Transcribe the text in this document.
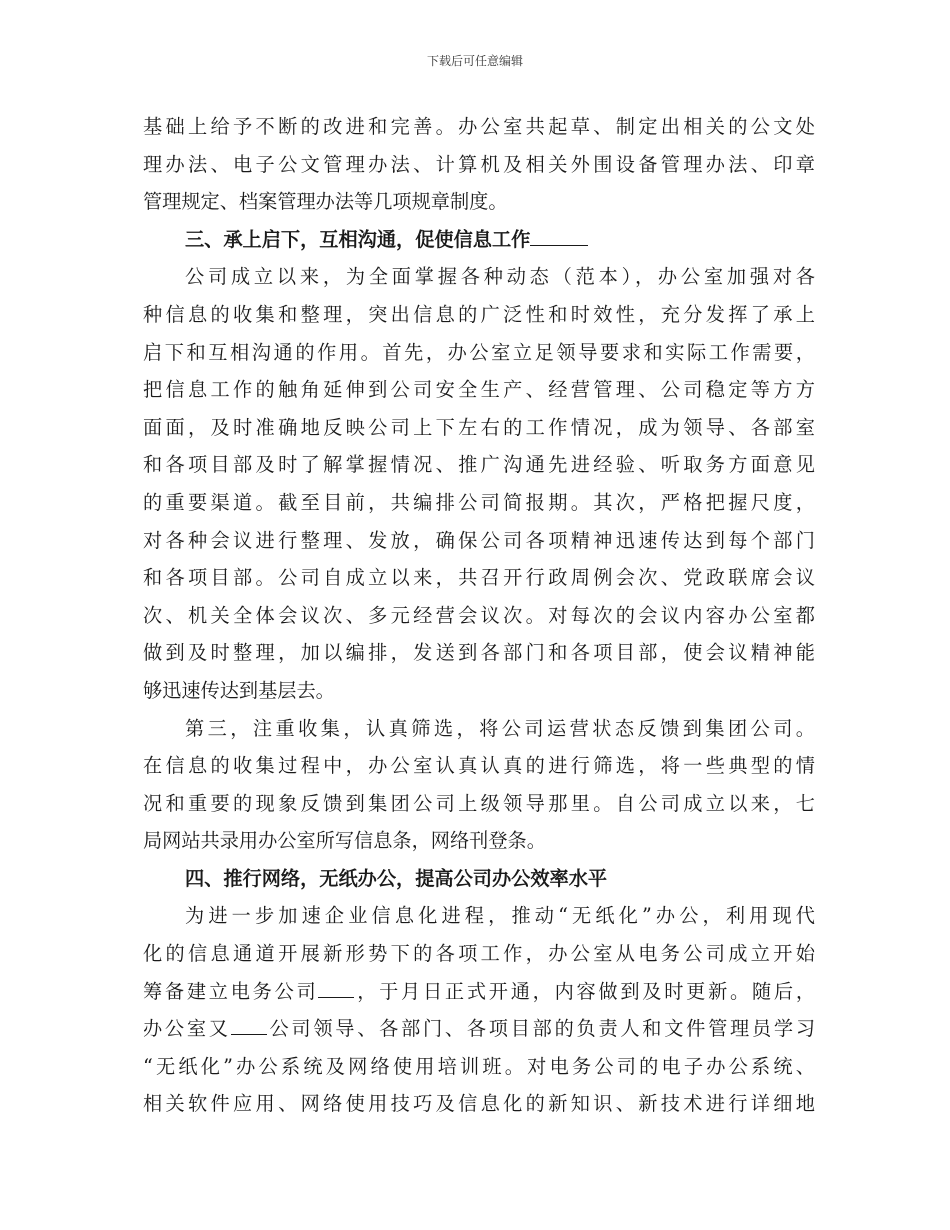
下载后可任意编辑
基础上给予不断的改进和完善。办公室共起草、制定出相关的公文处
理办法、电子公文管理办法、计算机及相关外围设备管理办法、印章
管理规定、档案管理办法等几项规章制度。
三、承上启下，互相沟通，促使信息工作
公司成立以来，为全面掌握各种动态（范本），办公室加强对各
种信息的收集和整理，突出信息的广泛性和时效性，充分发挥了承上
启下和互相沟通的作用。首先，办公室立足领导要求和实际工作需要，
把信息工作的触角延伸到公司安全生产、经营管理、公司稳定等方方
面面，及时准确地反映公司上下左右的工作情况，成为领导、各部室
和各项目部及时了解掌握情况、推广沟通先进经验、听取务方面意见
的重要渠道。截至目前，共编排公司简报期。其次，严格把握尺度，
对各种会议进行整理、发放，确保公司各项精神迅速传达到每个部门
和各项目部。公司自成立以来，共召开行政周例会次、党政联席会议
次、机关全体会议次、多元经营会议次。对每次的会议内容办公室都
做到及时整理，加以编排，发送到各部门和各项目部，使会议精神能
够迅速传达到基层去。
第三，注重收集，认真筛选，将公司运营状态反馈到集团公司。
在信息的收集过程中，办公室认真认真的进行筛选，将一些典型的情
况和重要的现象反馈到集团公司上级领导那里。自公司成立以来，七
局网站共录用办公室所写信息条，网络刊登条。
四、推行网络，无纸办公，提高公司办公效率水平
为进一步加速企业信息化进程，推动“无纸化”办公，利用现代
化的信息通道开展新形势下的各项工作，办公室从电务公司成立开始
筹备建立电务公司 ，于月日正式开通，内容做到及时更新。随后，
办公室又 公司领导、各部门、各项目部的负责人和文件管理员学习
“无纸化”办公系统及网络使用培训班。对电务公司的电子办公系统、
相关软件应用、网络使用技巧及信息化的新知识、新技术进行详细地
